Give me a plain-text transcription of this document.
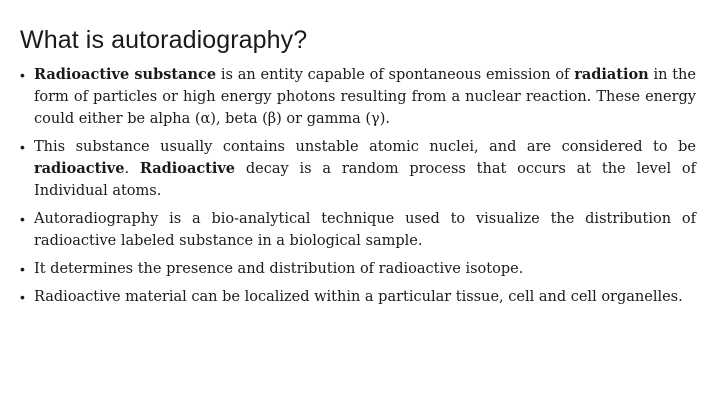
What is autoradiography?
• Radioactive substance is an entity capable of spontaneous emission of radiation in the form of particles or high energy photons resulting from a nuclear reaction. These energy could either be alpha (α), beta (β) or gamma (γ).
• This substance usually contains unstable atomic nuclei, and are considered to be radioactive. Radioactive decay is a random process that occurs at the level of Individual atoms.
• Autoradiography is a bio-analytical technique used to visualize the distribution of radioactive labeled substance in a biological sample.
• It determines the presence and distribution of radioactive isotope.
• Radioactive material can be localized within a particular tissue, cell and cell organelles.
